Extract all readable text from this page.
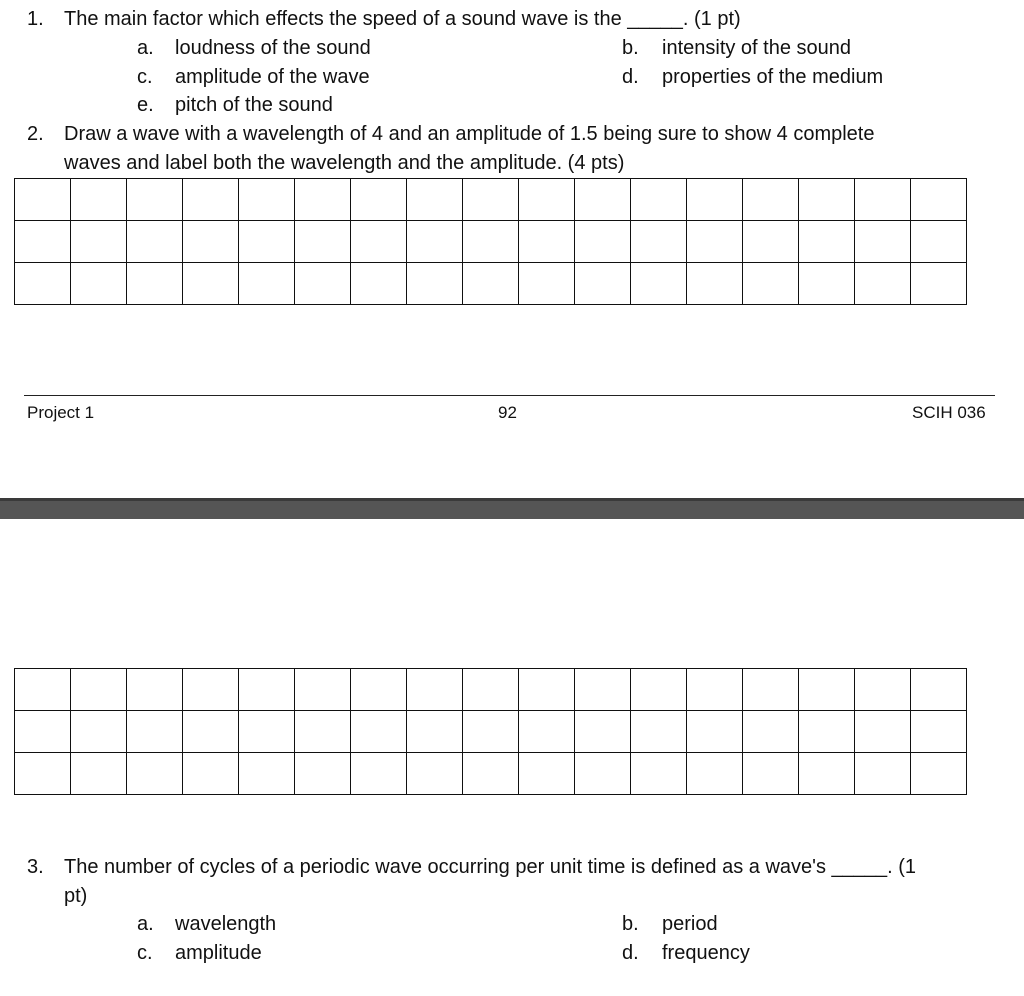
1. The main factor which effects the speed of a sound wave is the _____. (1 pt)
a. loudness of the sound	b. intensity of the sound
c. amplitude of the wave	d. properties of the medium
e. pitch of the sound
2. Draw a wave with a wavelength of 4 and an amplitude of 1.5 being sure to show 4 complete
waves and label both the wavelength and the amplitude. (4 pts)

Project 1	92	SCIH 036

3. The number of cycles of a periodic wave occurring per unit time is defined as a wave's _____. (1
pt)
a. wavelength	b. period
c. amplitude	d. frequency
